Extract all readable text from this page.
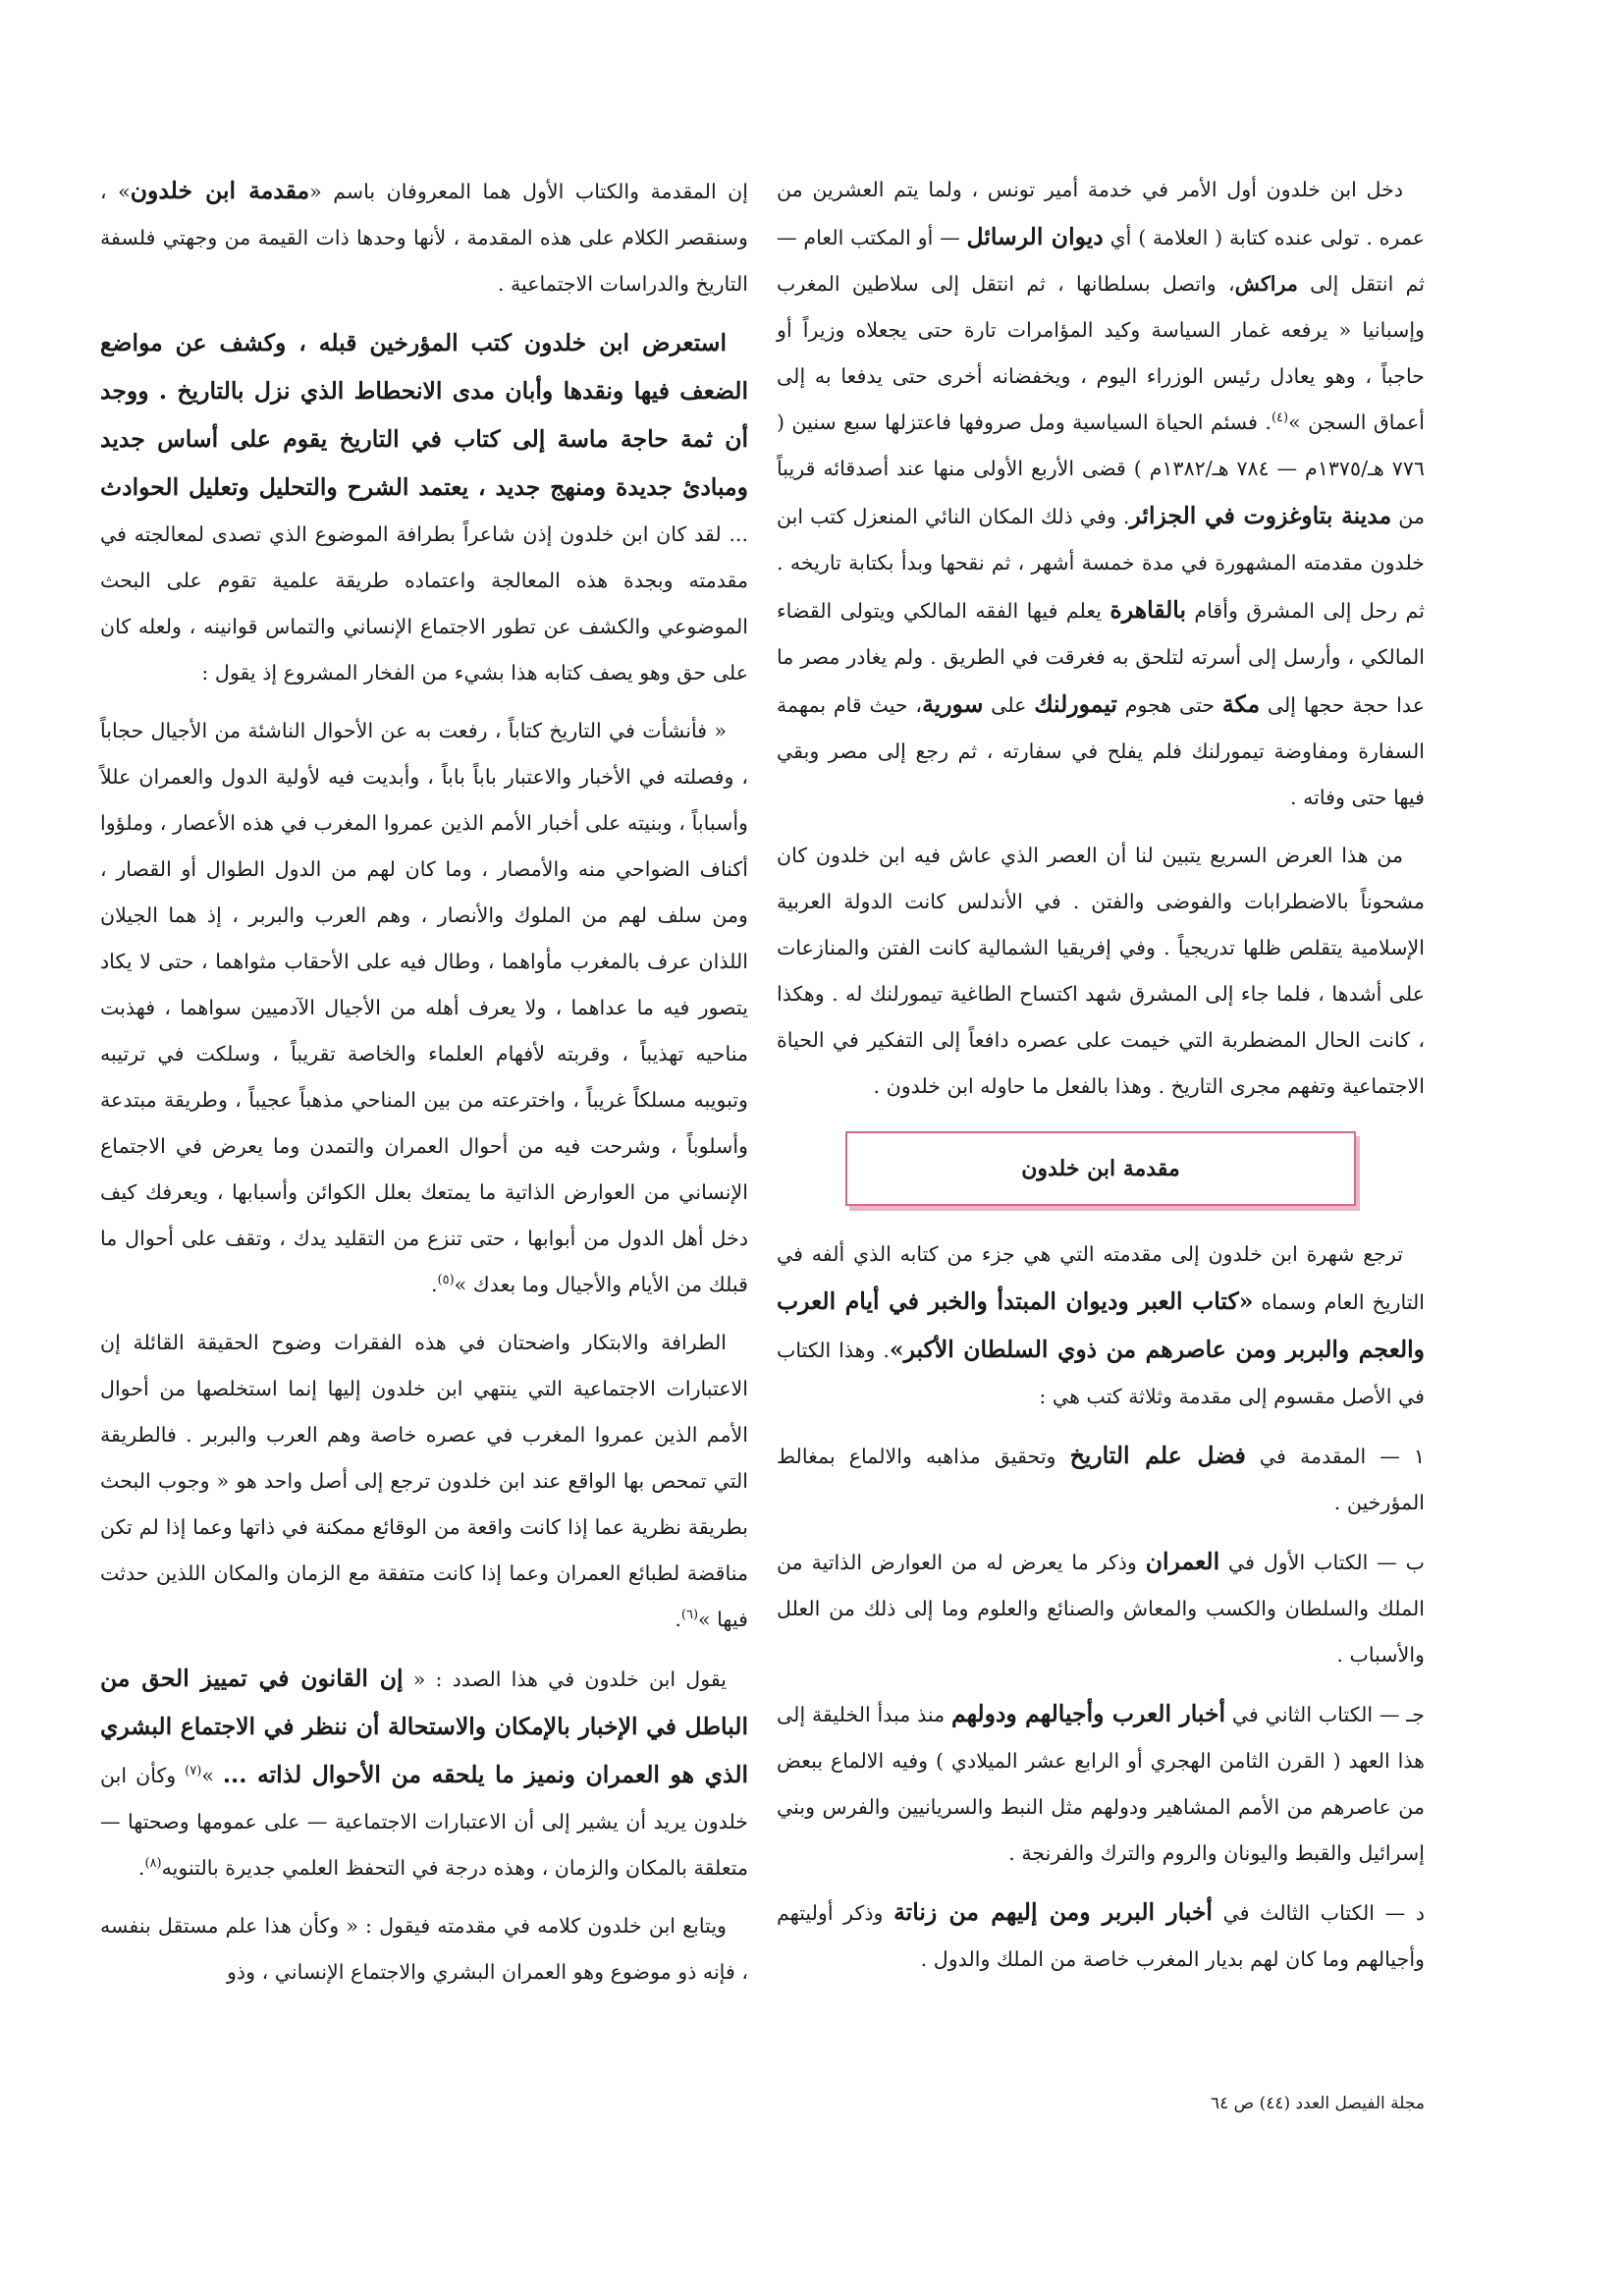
دخل ابن خلدون أول الأمر في خدمة أمير تونس ، ولما يتم العشرين من عمره . تولى عنده كتابة ( العلامة ) أي ديوان الرسائل — أو المكتب العام — ثم انتقل إلى مراكش، واتصل بسلطانها ، ثم انتقل إلى سلاطين المغرب وإسبانيا « يرفعه غمار السياسة وكيد المؤامرات تارة حتى يجعلاه وزيراً أو حاجباً ، وهو يعادل رئيس الوزراء اليوم ، ويخفضانه أخرى حتى يدفعا به إلى أعماق السجن »$^{(٤)}$. فسئم الحياة السياسية ومل صروفها فاعتزلها سبع سنين ( ٧٧٦ هـ/١٣٧٥م — ٧٨٤ هـ/١٣٨٢م ) قضى الأربع الأولى منها عند أصدقائه قريباً من مدينة بتاوغزوت في الجزائر. وفي ذلك المكان النائي المنعزل كتب ابن خلدون مقدمته المشهورة في مدة خمسة أشهر ، ثم نقحها وبدأ بكتابة تاريخه . ثم رحل إلى المشرق وأقام بالقاهرة يعلم فيها الفقه المالكي ويتولى القضاء المالكي ، وأرسل إلى أسرته لتلحق به فغرقت في الطريق . ولم يغادر مصر ما عدا حجة حجها إلى مكة حتى هجوم تيمورلنك على سورية، حيث قام بمهمة السفارة ومفاوضة تيمورلنك فلم يفلح في سفارته ، ثم رجع إلى مصر وبقي فيها حتى وفاته .

من هذا العرض السريع يتبين لنا أن العصر الذي عاش فيه ابن خلدون كان مشحوناً بالاضطرابات والفوضى والفتن . في الأندلس كانت الدولة العربية الإسلامية يتقلص ظلها تدريجياً . وفي إفريقيا الشمالية كانت الفتن والمنازعات على أشدها ، فلما جاء إلى المشرق شهد اكتساح الطاغية تيمورلنك له . وهكذا ، كانت الحال المضطربة التي خيمت على عصره دافعاً إلى التفكير في الحياة الاجتماعية وتفهم مجرى التاريخ . وهذا بالفعل ما حاوله ابن خلدون .

مقدمة ابن خلدون

ترجع شهرة ابن خلدون إلى مقدمته التي هي جزء من كتابه الذي ألفه في التاريخ العام وسماه «كتاب العبر وديوان المبتدأ والخبر في أيام العرب والعجم والبربر ومن عاصرهم من ذوي السلطان الأكبر». وهذا الكتاب في الأصل مقسوم إلى مقدمة وثلاثة كتب هي :

١ — المقدمة في فضل علم التاريخ وتحقيق مذاهبه والالماع بمغالط المؤرخين .

ب — الكتاب الأول في العمران وذكر ما يعرض له من العوارض الذاتية من الملك والسلطان والكسب والمعاش والصنائع والعلوم وما إلى ذلك من العلل والأسباب .

جـ — الكتاب الثاني في أخبار العرب وأجيالهم ودولهم منذ مبدأ الخليقة إلى هذا العهد ( القرن الثامن الهجري أو الرابع عشر الميلادي ) وفيه الالماع ببعض من عاصرهم من الأمم المشاهير ودولهم مثل النبط والسريانيين والفرس وبني إسرائيل والقبط واليونان والروم والترك والفرنجة .

د — الكتاب الثالث في أخبار البربر ومن إليهم من زناتة وذكر أوليتهم وأجيالهم وما كان لهم بديار المغرب خاصة من الملك والدول .

إن المقدمة والكتاب الأول هما المعروفان باسم «مقدمة ابن خلدون» ، وسنقصر الكلام على هذه المقدمة ، لأنها وحدها ذات القيمة من وجهتي فلسفة التاريخ والدراسات الاجتماعية .

استعرض ابن خلدون كتب المؤرخين قبله ، وكشف عن مواضع الضعف فيها ونقدها وأبان مدى الانحطاط الذي نزل بالتاريخ . ووجد أن ثمة حاجة ماسة إلى كتاب في التاريخ يقوم على أساس جديد ومبادئ جديدة ومنهج جديد ، يعتمد الشرح والتحليل وتعليل الحوادث ... لقد كان ابن خلدون إذن شاعراً بطرافة الموضوع الذي تصدى لمعالجته في مقدمته وبجدة هذه المعالجة واعتماده طريقة علمية تقوم على البحث الموضوعي والكشف عن تطور الاجتماع الإنساني والتماس قوانينه ، ولعله كان على حق وهو يصف كتابه هذا بشيء من الفخار المشروع إذ يقول :

« فأنشأت في التاريخ كتاباً ، رفعت به عن الأحوال الناشئة من الأجيال حجاباً ، وفصلته في الأخبار والاعتبار باباً باباً ، وأبديت فيه لأولية الدول والعمران عللاً وأسباباً ، وبنيته على أخبار الأمم الذين عمروا المغرب في هذه الأعصار ، وملؤوا أكناف الضواحي منه والأمصار ، وما كان لهم من الدول الطوال أو القصار ، ومن سلف لهم من الملوك والأنصار ، وهم العرب والبربر ، إذ هما الجيلان اللذان عرف بالمغرب مأواهما ، وطال فيه على الأحقاب مثواهما ، حتى لا يكاد يتصور فيه ما عداهما ، ولا يعرف أهله من الأجيال الآدميين سواهما ، فهذبت مناحيه تهذيباً ، وقربته لأفهام العلماء والخاصة تقريباً ، وسلكت في ترتيبه وتبويبه مسلكاً غريباً ، واخترعته من بين المناحي مذهباً عجيباً ، وطريقة مبتدعة وأسلوباً ، وشرحت فيه من أحوال العمران والتمدن وما يعرض في الاجتماع الإنساني من العوارض الذاتية ما يمتعك بعلل الكوائن وأسبابها ، ويعرفك كيف دخل أهل الدول من أبوابها ، حتى تنزع من التقليد يدك ، وتقف على أحوال ما قبلك من الأيام والأجيال وما بعدك »$^{(٥)}$.

الطرافة والابتكار واضحتان في هذه الفقرات وضوح الحقيقة القائلة إن الاعتبارات الاجتماعية التي ينتهي ابن خلدون إليها إنما استخلصها من أحوال الأمم الذين عمروا المغرب في عصره خاصة وهم العرب والبربر . فالطريقة التي تمحص بها الواقع عند ابن خلدون ترجع إلى أصل واحد هو « وجوب البحث بطريقة نظرية عما إذا كانت واقعة من الوقائع ممكنة في ذاتها وعما إذا لم تكن مناقضة لطبائع العمران وعما إذا كانت متفقة مع الزمان والمكان اللذين حدثت فيها »$^{(٦)}$.

يقول ابن خلدون في هذا الصدد : « إن القانون في تمييز الحق من الباطل في الإخبار بالإمكان والاستحالة أن ننظر في الاجتماع البشري الذي هو العمران ونميز ما يلحقه من الأحوال لذاته ... »$^{(٧)}$ وكأن ابن خلدون يريد أن يشير إلى أن الاعتبارات الاجتماعية — على عمومها وصحتها — متعلقة بالمكان والزمان ، وهذه درجة في التحفظ العلمي جديرة بالتنويه$^{(٨)}$.

ويتابع ابن خلدون كلامه في مقدمته فيقول : « وكأن هذا علم مستقل بنفسه ، فإنه ذو موضوع وهو العمران البشري والاجتماع الإنساني ، وذو

مجلة الفيصل العدد (٤٤) ص ٦٤
